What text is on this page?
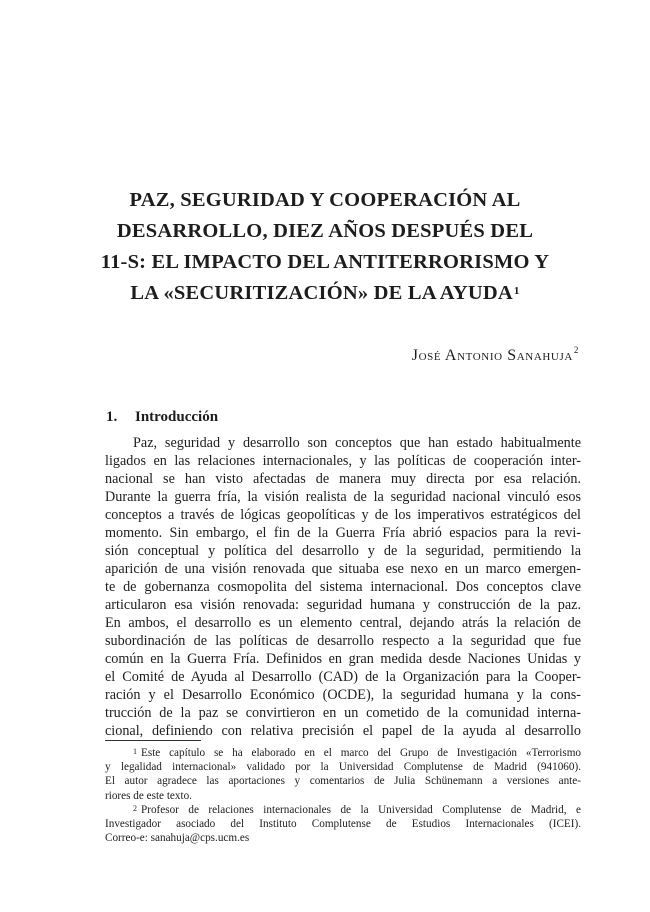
PAZ, SEGURIDAD Y COOPERACIÓN AL
DESARROLLO, DIEZ AÑOS DESPUÉS DEL
11-S: EL IMPACTO DEL ANTITERRORISMO Y
LA «SECURITIZACIÓN» DE LA AYUDA$^1$
José Antonio Sanahuja$^2$
1. Introducción
Paz, seguridad y desarrollo son conceptos que han estado habitualmente
ligados en las relaciones internacionales, y las políticas de cooperación inter-
nacional se han visto afectadas de manera muy directa por esa relación.
Durante la guerra fría, la visión realista de la seguridad nacional vinculó esos
conceptos a través de lógicas geopolíticas y de los imperativos estratégicos del
momento. Sin embargo, el fin de la Guerra Fría abrió espacios para la revi-
sión conceptual y política del desarrollo y de la seguridad, permitiendo la
aparición de una visión renovada que situaba ese nexo en un marco emergen-
te de gobernanza cosmopolita del sistema internacional. Dos conceptos clave
articularon esa visión renovada: seguridad humana y construcción de la paz.
En ambos, el desarrollo es un elemento central, dejando atrás la relación de
subordinación de las políticas de desarrollo respecto a la seguridad que fue
común en la Guerra Fría. Definidos en gran medida desde Naciones Unidas y
el Comité de Ayuda al Desarrollo (CAD) de la Organización para la Cooper-
ración y el Desarrollo Económico (OCDE), la seguridad humana y la cons-
trucción de la paz se convirtieron en un cometido de la comunidad interna-
cional, definiendo con relativa precisión el papel de la ayuda al desarrollo
$^1$ Este capítulo se ha elaborado en el marco del Grupo de Investigación «Terrorismo
y legalidad internacional» validado por la Universidad Complutense de Madrid (941060).
El autor agradece las aportaciones y comentarios de Julia Schünemann a versiones ante-
riores de este texto.
$^2$ Profesor de relaciones internacionales de la Universidad Complutense de Madrid, e
Investigador asociado del Instituto Complutense de Estudios Internacionales (ICEI).
Correo-e: sanahuja@cps.ucm.es
